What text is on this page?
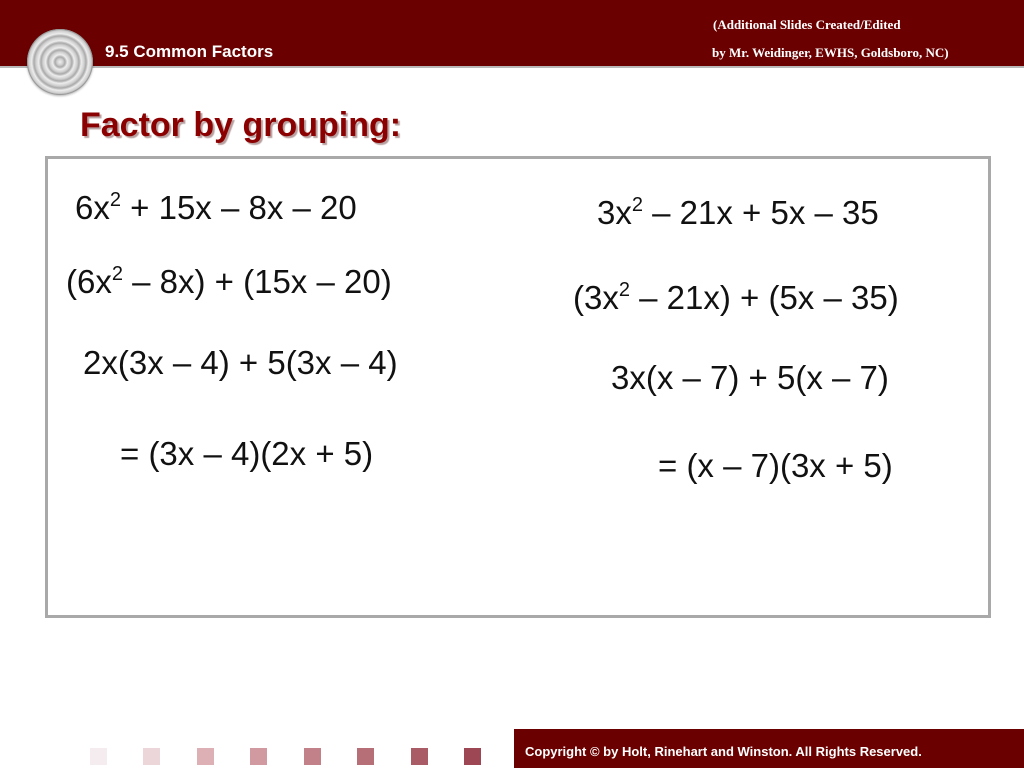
9.5 Common Factors
(Additional Slides Created/Edited
by Mr. Weidinger, EWHS, Goldsboro, NC)
Factor by grouping:
$6x^2 + 15x - 8x - 20$
$(6x^2 - 8x) + (15x - 20)$
2x(3x – 4) + 5(3x – 4)
= (3x – 4)(2x + 5)
$3x^2 - 21x + 5x - 35$
$(3x^2 - 21x) + (5x - 35)$
3x(x – 7) + 5(x – 7)
= (x – 7)(3x + 5)
Copyright © by Holt, Rinehart and Winston. All Rights Reserved.
